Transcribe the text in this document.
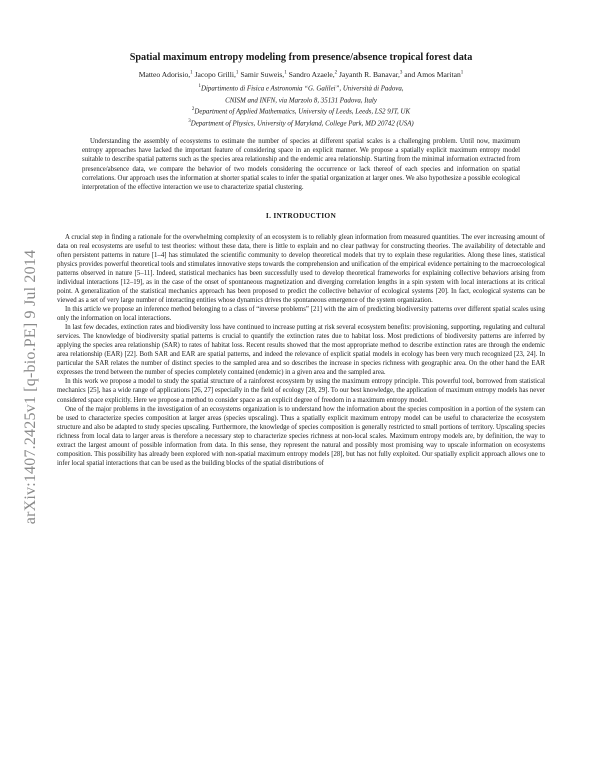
arXiv:1407.2425v1 [q-bio.PE] 9 Jul 2014
Spatial maximum entropy modeling from presence/absence tropical forest data
Matteo Adorisio,$^1$ Jacopo Grilli,$^1$ Samir Suweis,$^1$ Sandro Azaele,$^2$ Jayanth R. Banavar,$^3$ and Amos Maritan$^1$
$^1$Dipartimento di Fisica e Astronomia “G. Galilei”, Università di Padova,
CNISM and INFN, via Marzolo 8, 35131 Padova, Italy
$^2$Department of Applied Mathematics, University of Leeds, Leeds, LS2 9JT, UK
$^3$Department of Physics, University of Maryland, College Park, MD 20742 (USA)

Understanding the assembly of ecosystems to estimate the number of species at different spatial scales is a challenging problem. Until now, maximum entropy approaches have lacked the important feature of considering space in an explicit manner. We propose a spatially explicit maximum entropy model suitable to describe spatial patterns such as the species area relationship and the endemic area relationship. Starting from the minimal information extracted from presence/absence data, we compare the behavior of two models considering the occurrence or lack thereof of each species and information on spatial correlations. Our approach uses the information at shorter spatial scales to infer the spatial organization at larger ones. We also hypothesize a possible ecological interpretation of the effective interaction we use to characterize spatial clustering.

I. INTRODUCTION

A crucial step in finding a rationale for the overwhelming complexity of an ecosystem is to reliably glean information from measured quantities. The ever increasing amount of data on real ecosystems are useful to test theories: without these data, there is little to explain and no clear pathway for constructing theories. The availability of detectable and often persistent patterns in nature [1–4] has stimulated the scientific community to develop theoretical models that try to explain these regularities. Along these lines, statistical physics provides powerful theoretical tools and stimulates innovative steps towards the comprehension and unification of the empirical evidence pertaining to the macroecological patterns observed in nature [5–11]. Indeed, statistical mechanics has been successfully used to develop theoretical frameworks for explaining collective behaviors arising from individual interactions [12–19], as in the case of the onset of spontaneous magnetization and diverging correlation lengths in a spin system with local interactions at its critical point. A generalization of the statistical mechanics approach has been proposed to predict the collective behavior of ecological systems [20]. In fact, ecological systems can be viewed as a set of very large number of interacting entities whose dynamics drives the spontaneous emergence of the system organization.

In this article we propose an inference method belonging to a class of “inverse problems” [21] with the aim of predicting biodiversity patterns over different spatial scales using only the information on local interactions.

In last few decades, extinction rates and biodiversity loss have continued to increase putting at risk several ecosystem benefits: provisioning, supporting, regulating and cultural services. The knowledge of biodiversity spatial patterns is crucial to quantify the extinction rates due to habitat loss. Most predictions of biodiversity patterns are inferred by applying the species area relationship (SAR) to rates of habitat loss. Recent results showed that the most appropriate method to describe extinction rates are through the endemic area relationship (EAR) [22]. Both SAR and EAR are spatial patterns, and indeed the relevance of explicit spatial models in ecology has been very much recognized [23, 24]. In particular the SAR relates the number of distinct species to the sampled area and so describes the increase in species richness with geographic area. On the other hand the EAR expresses the trend between the number of species completely contained (endemic) in a given area and the sampled area.

In this work we propose a model to study the spatial structure of a rainforest ecosystem by using the maximum entropy principle. This powerful tool, borrowed from statistical mechanics [25], has a wide range of applications [26, 27] especially in the field of ecology [28, 29]. To our best knowledge, the application of maximum entropy models has never considered space explicitly. Here we propose a method to consider space as an explicit degree of freedom in a maximum entropy model.

One of the major problems in the investigation of an ecosystems organization is to understand how the information about the species composition in a portion of the system can be used to characterize species composition at larger areas (species upscaling). Thus a spatially explicit maximum entropy model can be useful to characterize the ecosystem structure and also be adapted to study species upscaling. Furthermore, the knowledge of species composition is generally restricted to small portions of territory. Upscaling species richness from local data to larger areas is therefore a necessary step to characterize species richness at non-local scales. Maximum entropy models are, by definition, the way to extract the largest amount of possible information from data. In this sense, they represent the natural and possibly most promising way to upscale information on ecosystems composition. This possibility has already been explored with non-spatial maximum entropy models [28], but has not fully exploited. Our spatially explicit approach allows one to infer local spatial interactions that can be used as the building blocks of the spatial distributions of
